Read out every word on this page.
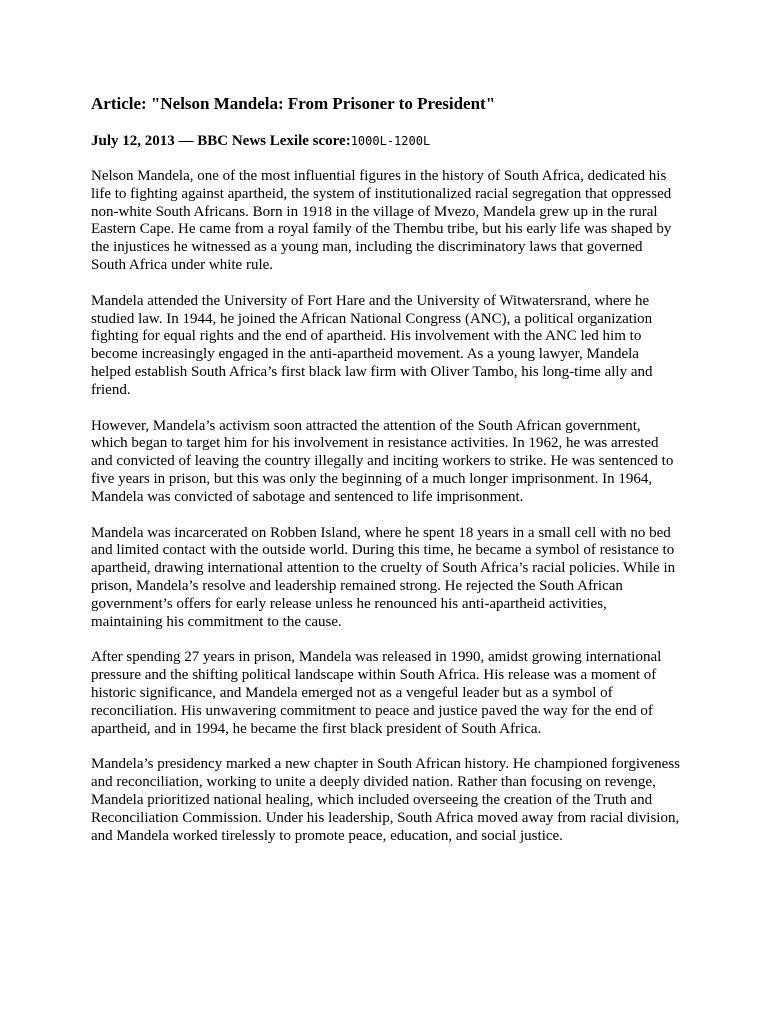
Article: "Nelson Mandela: From Prisoner to President"
July 12, 2013 — BBC News Lexile score:1000L-1200L

Nelson Mandela, one of the most influential figures in the history of South Africa, dedicated his life to fighting against apartheid, the system of institutionalized racial segregation that oppressed non-white South Africans. Born in 1918 in the village of Mvezo, Mandela grew up in the rural Eastern Cape. He came from a royal family of the Thembu tribe, but his early life was shaped by the injustices he witnessed as a young man, including the discriminatory laws that governed South Africa under white rule.

Mandela attended the University of Fort Hare and the University of Witwatersrand, where he studied law. In 1944, he joined the African National Congress (ANC), a political organization fighting for equal rights and the end of apartheid. His involvement with the ANC led him to become increasingly engaged in the anti-apartheid movement. As a young lawyer, Mandela helped establish South Africa’s first black law firm with Oliver Tambo, his long-time ally and friend.

However, Mandela’s activism soon attracted the attention of the South African government, which began to target him for his involvement in resistance activities. In 1962, he was arrested and convicted of leaving the country illegally and inciting workers to strike. He was sentenced to five years in prison, but this was only the beginning of a much longer imprisonment. In 1964, Mandela was convicted of sabotage and sentenced to life imprisonment.

Mandela was incarcerated on Robben Island, where he spent 18 years in a small cell with no bed and limited contact with the outside world. During this time, he became a symbol of resistance to apartheid, drawing international attention to the cruelty of South Africa’s racial policies. While in prison, Mandela’s resolve and leadership remained strong. He rejected the South African government’s offers for early release unless he renounced his anti-apartheid activities, maintaining his commitment to the cause.

After spending 27 years in prison, Mandela was released in 1990, amidst growing international pressure and the shifting political landscape within South Africa. His release was a moment of historic significance, and Mandela emerged not as a vengeful leader but as a symbol of reconciliation. His unwavering commitment to peace and justice paved the way for the end of apartheid, and in 1994, he became the first black president of South Africa.

Mandela’s presidency marked a new chapter in South African history. He championed forgiveness and reconciliation, working to unite a deeply divided nation. Rather than focusing on revenge, Mandela prioritized national healing, which included overseeing the creation of the Truth and Reconciliation Commission. Under his leadership, South Africa moved away from racial division, and Mandela worked tirelessly to promote peace, education, and social justice.
